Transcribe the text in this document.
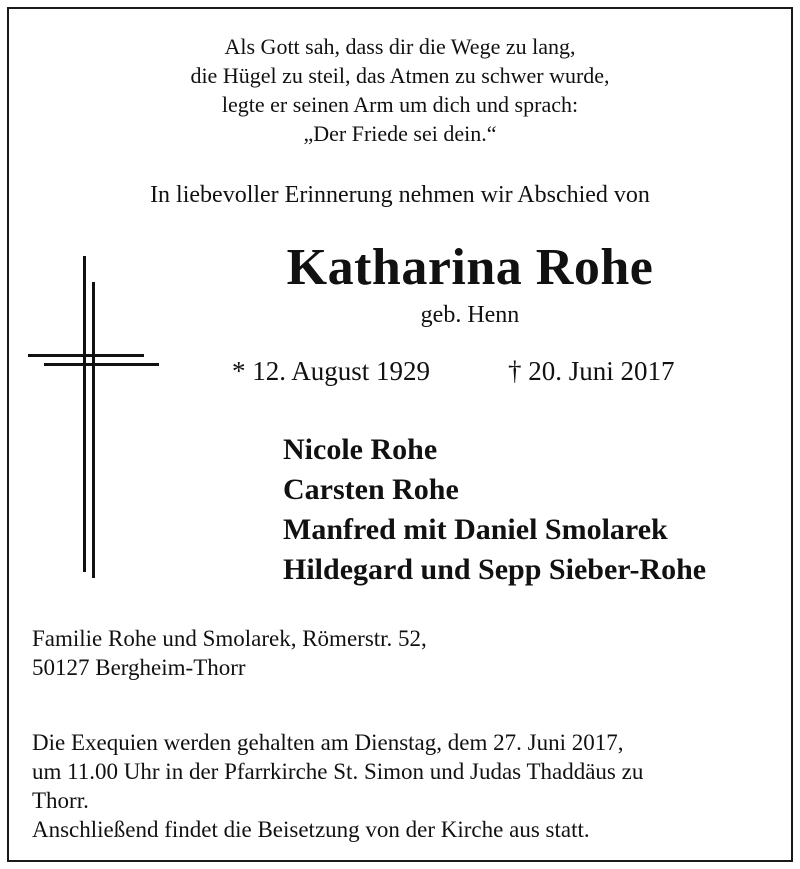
Als Gott sah, dass dir die Wege zu lang,
die Hügel zu steil, das Atmen zu schwer wurde,
legte er seinen Arm um dich und sprach:
„Der Friede sei dein.“
In liebevoller Erinnerung nehmen wir Abschied von
Katharina Rohe
geb. Henn
* 12. August 1929	† 20. Juni 2017
Nicole Rohe
Carsten Rohe
Manfred mit Daniel Smolarek
Hildegard und Sepp Sieber-Rohe
Familie Rohe und Smolarek, Römerstr. 52,
50127 Bergheim-Thorr
Die Exequien werden gehalten am Dienstag, dem 27. Juni 2017,
um 11.00 Uhr in der Pfarrkirche St. Simon und Judas Thaddäus zu
Thorr.
Anschließend findet die Beisetzung von der Kirche aus statt.
